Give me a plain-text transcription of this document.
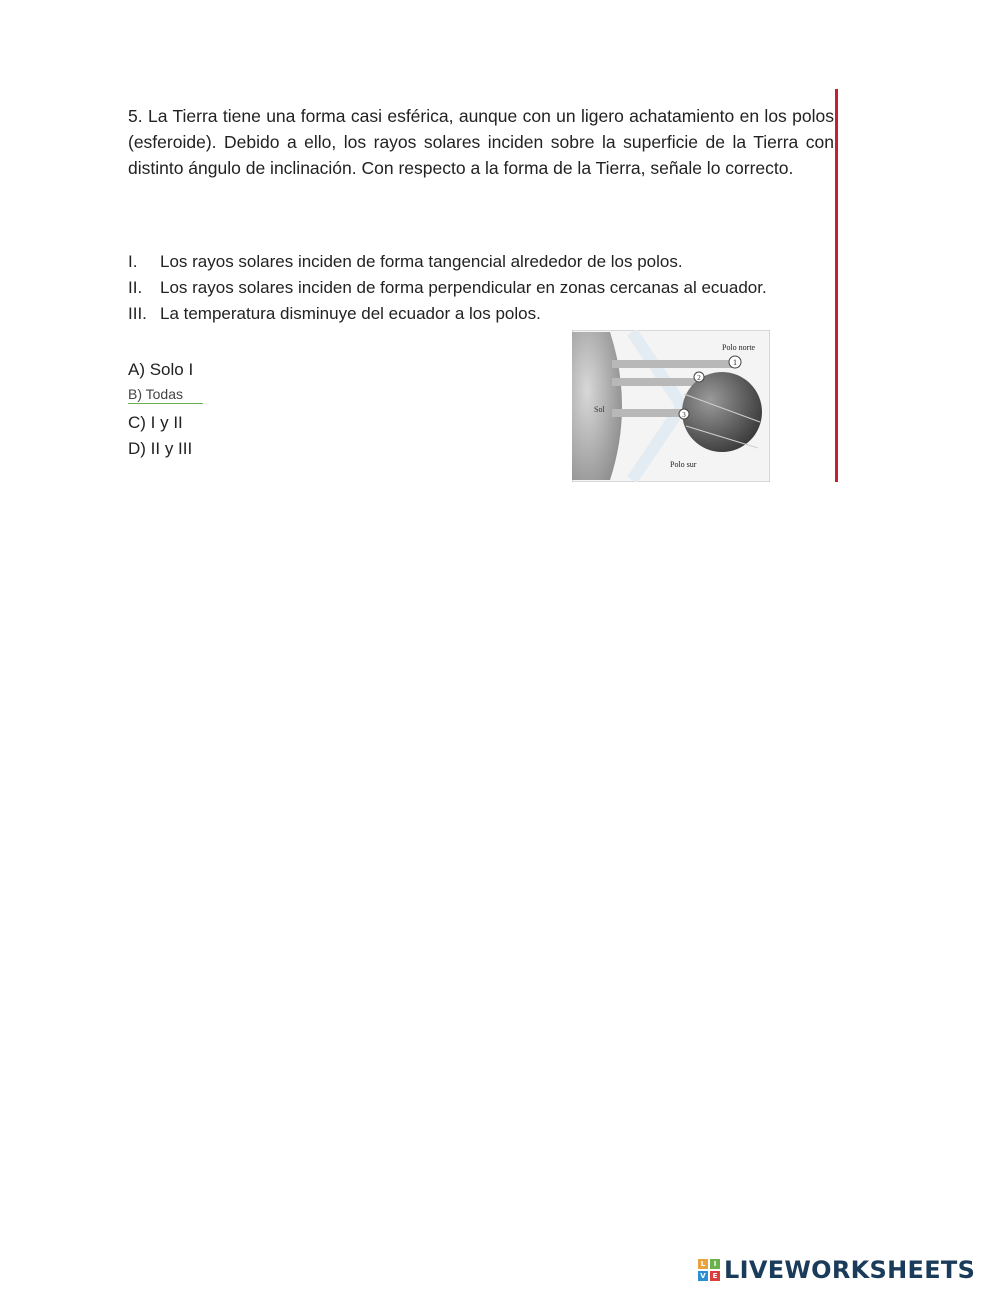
5. La Tierra tiene una forma casi esférica, aunque con un ligero achatamiento en los polos (esferoide). Debido a ello, los rayos solares inciden sobre la superficie de la Tierra con distinto ángulo de inclinación. Con respecto a la forma de la Tierra, señale lo correcto.
I.	Los rayos solares inciden de forma tangencial alrededor de los polos.
II.	Los rayos solares inciden de forma perpendicular en zonas cercanas al ecuador.
III. La temperatura disminuye del ecuador a los polos.
A) Solo I
B) Todas
C) I y II
D) II y III
1
2
3
Polo norte
Polo sur
Sol
L	I
V E LIVEWORKSHEETS
